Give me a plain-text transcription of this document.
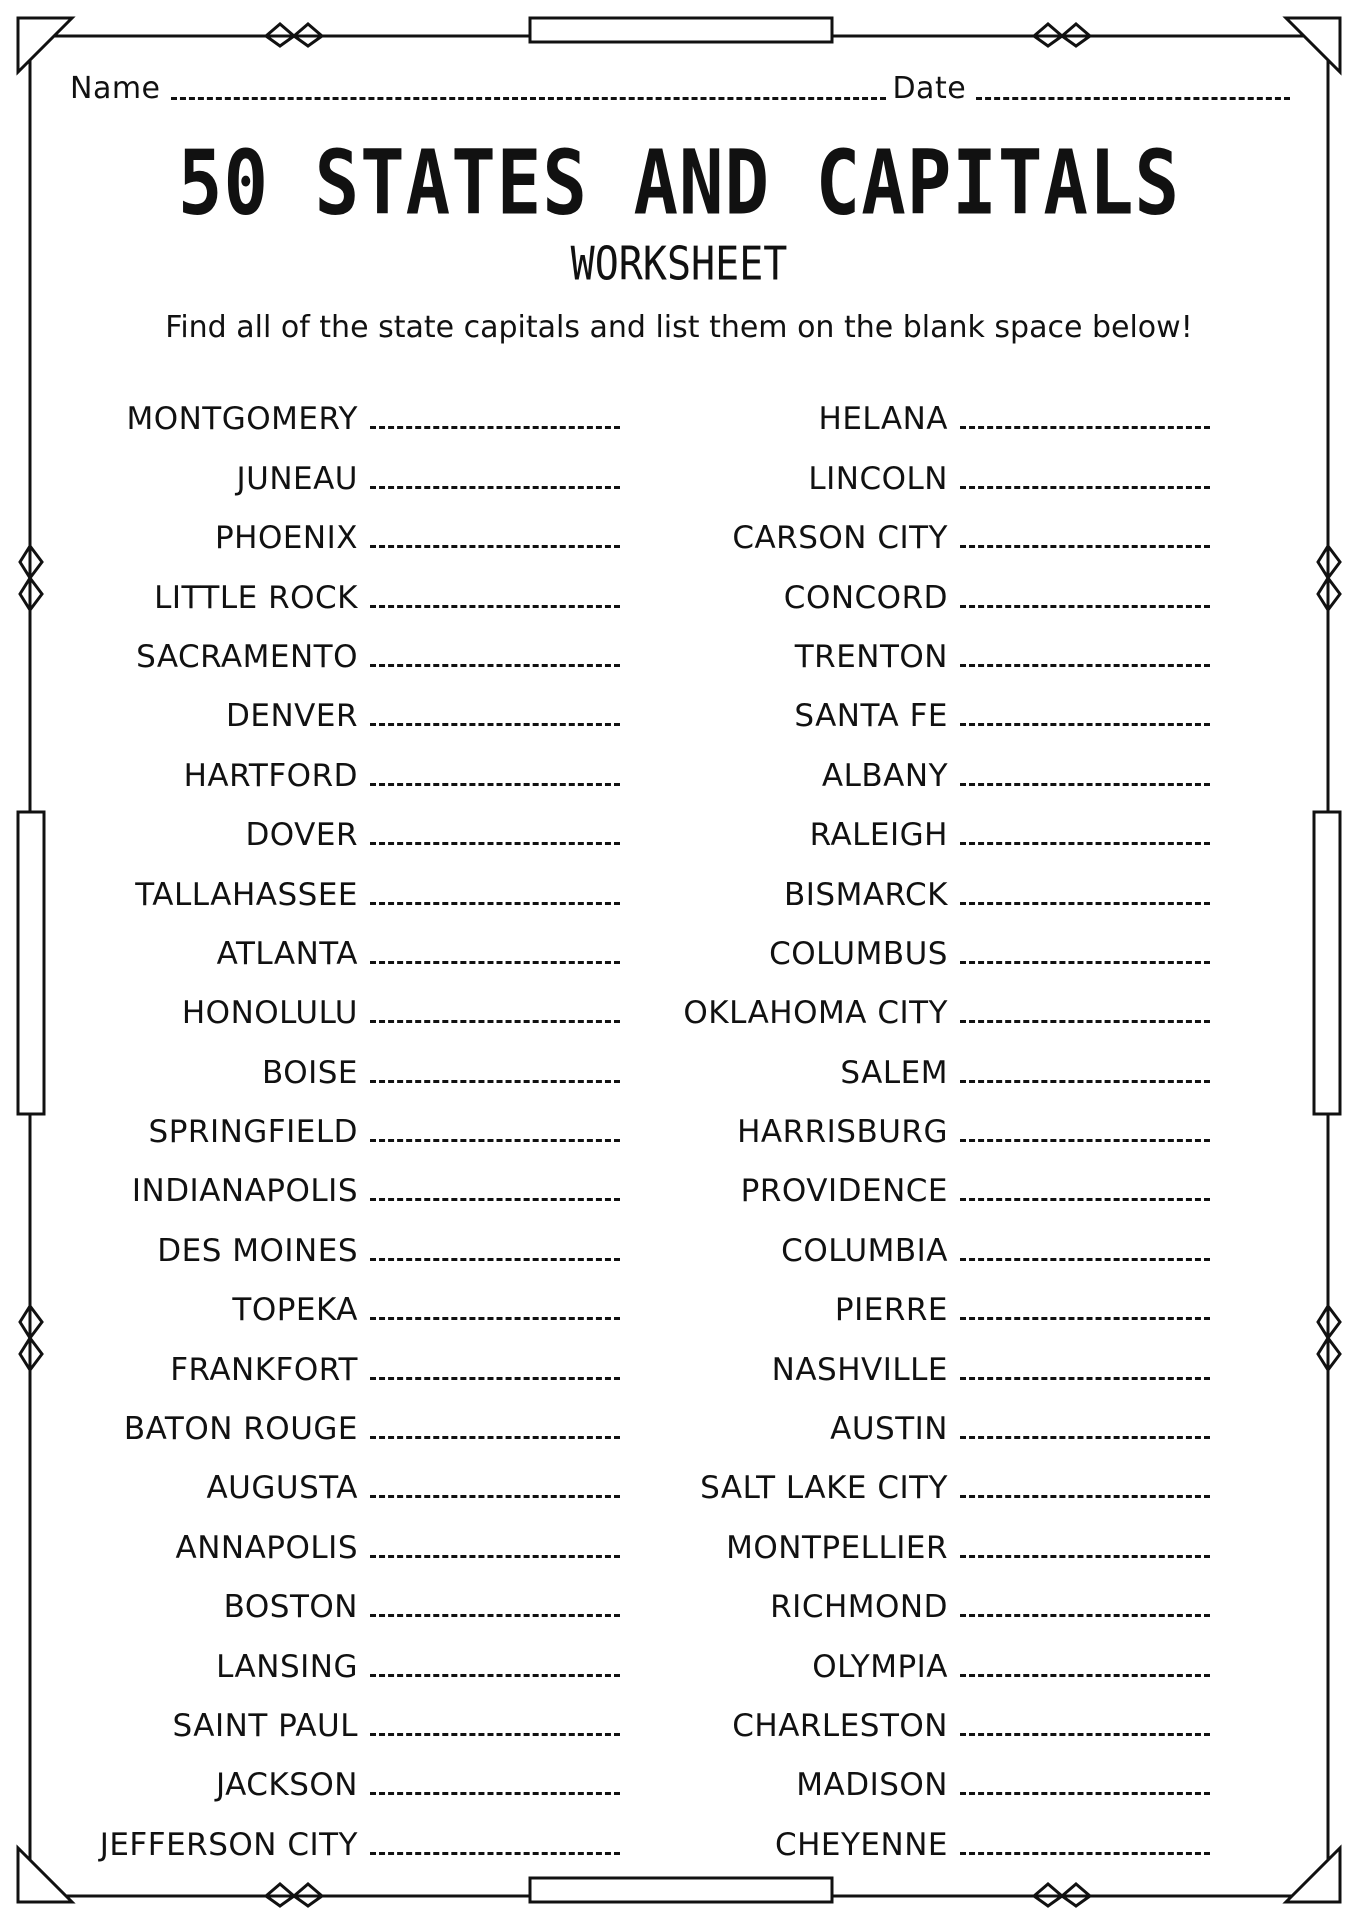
Name	Date
50 STATES AND CAPITALS
WORKSHEET
Find all of the state capitals and list them on the blank space below!
MONTGOMERY
JUNEAU
PHOENIX
LITTLE ROCK
SACRAMENTO
DENVER
HARTFORD
DOVER
TALLAHASSEE
ATLANTA
HONOLULU
BOISE
SPRINGFIELD
INDIANAPOLIS
DES MOINES
TOPEKA
FRANKFORT
BATON ROUGE
AUGUSTA
ANNAPOLIS
BOSTON
LANSING
SAINT PAUL
JACKSON
JEFFERSON CITY
HELANA
LINCOLN
CARSON CITY
CONCORD
TRENTON
SANTA FE
ALBANY
RALEIGH
BISMARCK
COLUMBUS
OKLAHOMA CITY
SALEM
HARRISBURG
PROVIDENCE
COLUMBIA
PIERRE
NASHVILLE
AUSTIN
SALT LAKE CITY
MONTPELLIER
RICHMOND
OLYMPIA
CHARLESTON
MADISON
CHEYENNE
